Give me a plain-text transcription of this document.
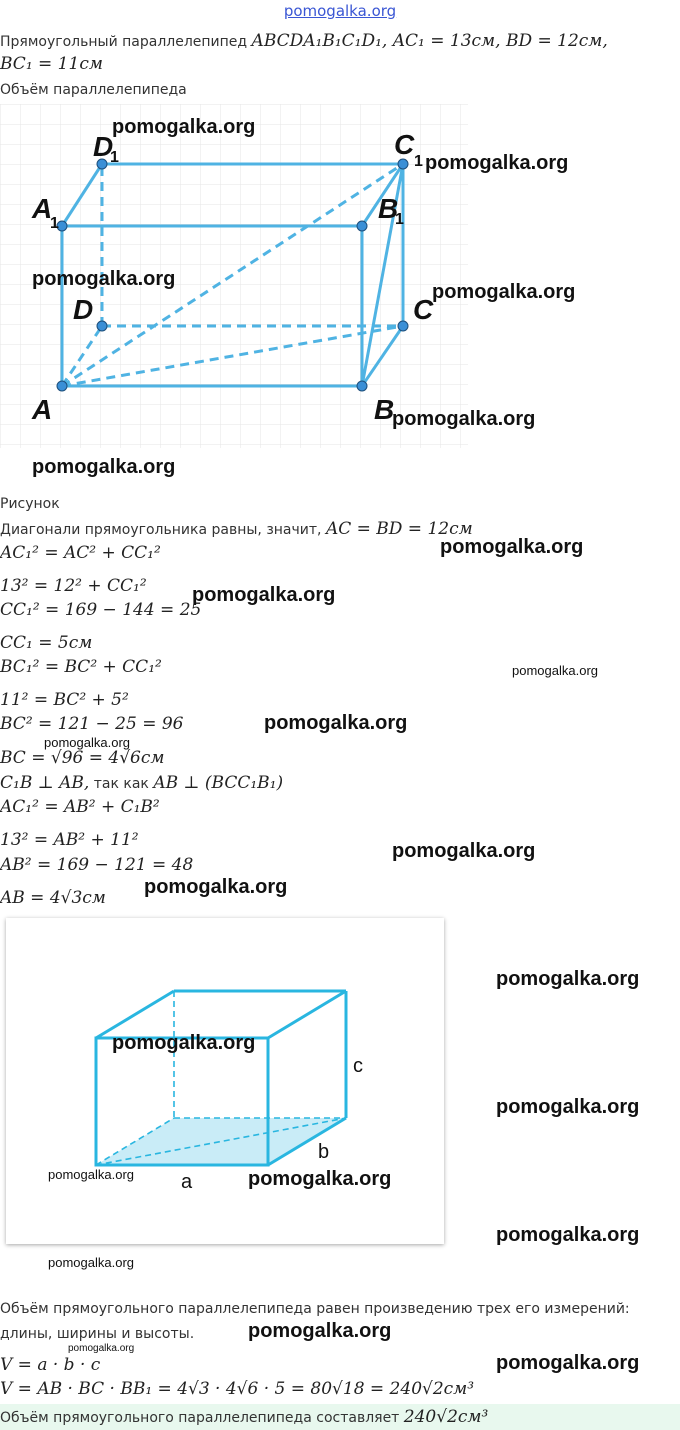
pomogalka.org
Прямоугольный параллелепипед ABCDA₁B₁C₁D₁, AC₁ = 13см, BD = 12см,
BC₁ = 11см
Объём параллелепипеда
A	B
C
D
A	B
C
D
1	1
1
1
Рисунок
Диагонали прямоугольника равны, значит, AC = BD = 12см
AC₁² = AC² + CC₁²
13² = 12² + CC₁²
CC₁² = 169 − 144 = 25
CC₁ = 5см
BC₁² = BC² + CC₁²
11² = BC² + 5²
BC² = 121 − 25 = 96
BC = √96 = 4√6см
C₁B ⊥ AB, так как AB ⊥ (BCC₁B₁)
AC₁² = AB² + C₁B²
13² = AB² + 11²
AB² = 169 − 121 = 48
AB = 4√3см
a
b
c
Объём прямоугольного параллелепипеда равен произведению трех его измерений:
длины, ширины и высоты.
V = a · b · c
V = AB · BC · BB₁ = 4√3 · 4√6 · 5 = 80√18 = 240√2см³
Объём прямоугольного параллелепипеда составляет 240√2см³
pomogalka.org
pomogalka.org
pomogalka.org
pomogalka.org
pomogalka.org
pomogalka.org
pomogalka.org
pomogalka.org
pomogalka.org
pomogalka.org
pomogalka.org
pomogalka.org
pomogalka.org
pomogalka.org
pomogalka.org
pomogalka.org
pomogalka.org	pomogalka.org
pomogalka.org
pomogalka.org
pomogalka.org
pomogalka.org
pomogalka.org
